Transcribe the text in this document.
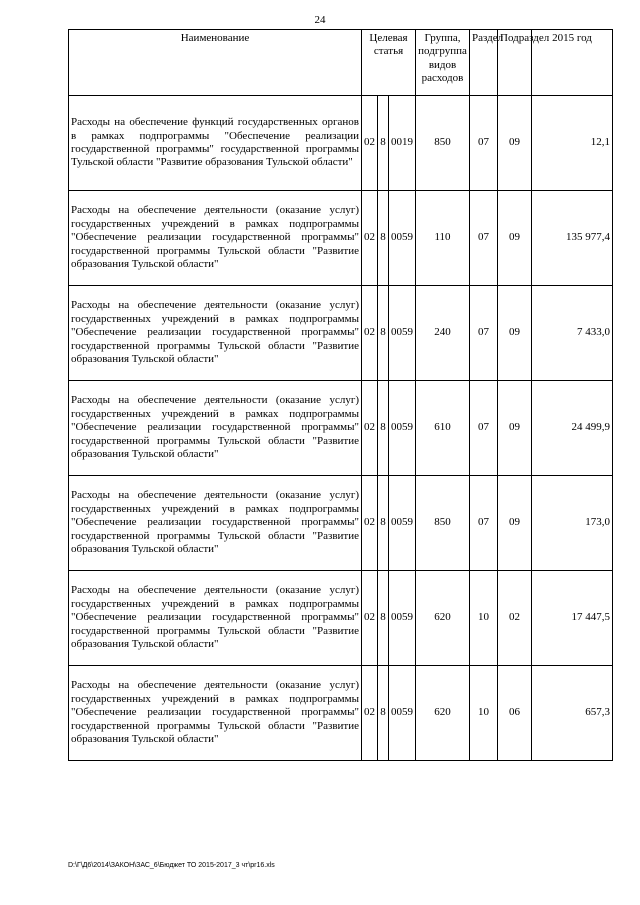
24
Наименование	Целевая статья			Группа, подгруппа видов расходов	Раздел	Подраздел	2015 год
Расходы на обеспечение функций государственных органов в рамках подпрограммы "Обеспечение реализации государственной программы" государственной программы Тульской области "Развитие образования Тульской области"	02	8	0019	850	07	09	12,1
Расходы на обеспечение деятельности (оказание услуг) государственных учреждений в рамках подпрограммы "Обеспечение реализации государственной программы" государственной программы Тульской области "Развитие образования Тульской области"	02	8	0059	110	07	09	135 977,4
Расходы на обеспечение деятельности (оказание услуг) государственных учреждений в рамках подпрограммы "Обеспечение реализации государственной программы" государственной программы Тульской области "Развитие образования Тульской области"	02	8	0059	240	07	09	7 433,0
Расходы на обеспечение деятельности (оказание услуг) государственных учреждений в рамках подпрограммы "Обеспечение реализации государственной программы" государственной программы Тульской области "Развитие образования Тульской области"	02	8	0059	610	07	09	24 499,9
Расходы на обеспечение деятельности (оказание услуг) государственных учреждений в рамках подпрограммы "Обеспечение реализации государственной программы" государственной программы Тульской области "Развитие образования Тульской области"	02	8	0059	850	07	09	173,0
Расходы на обеспечение деятельности (оказание услуг) государственных учреждений в рамках подпрограммы "Обеспечение реализации государственной программы" государственной программы Тульской области "Развитие образования Тульской области"	02	8	0059	620	10	02	17 447,5
Расходы на обеспечение деятельности (оказание услуг) государственных учреждений в рамках подпрограммы "Обеспечение реализации государственной программы" государственной программы Тульской области "Развитие образования Тульской области"	02	8	0059	620	10	06	657,3
D:\Г\Д6\2014\ЗАКОН\ЗАС_6\Бюджет ТО 2015-2017_3 чт\pr16.xls
